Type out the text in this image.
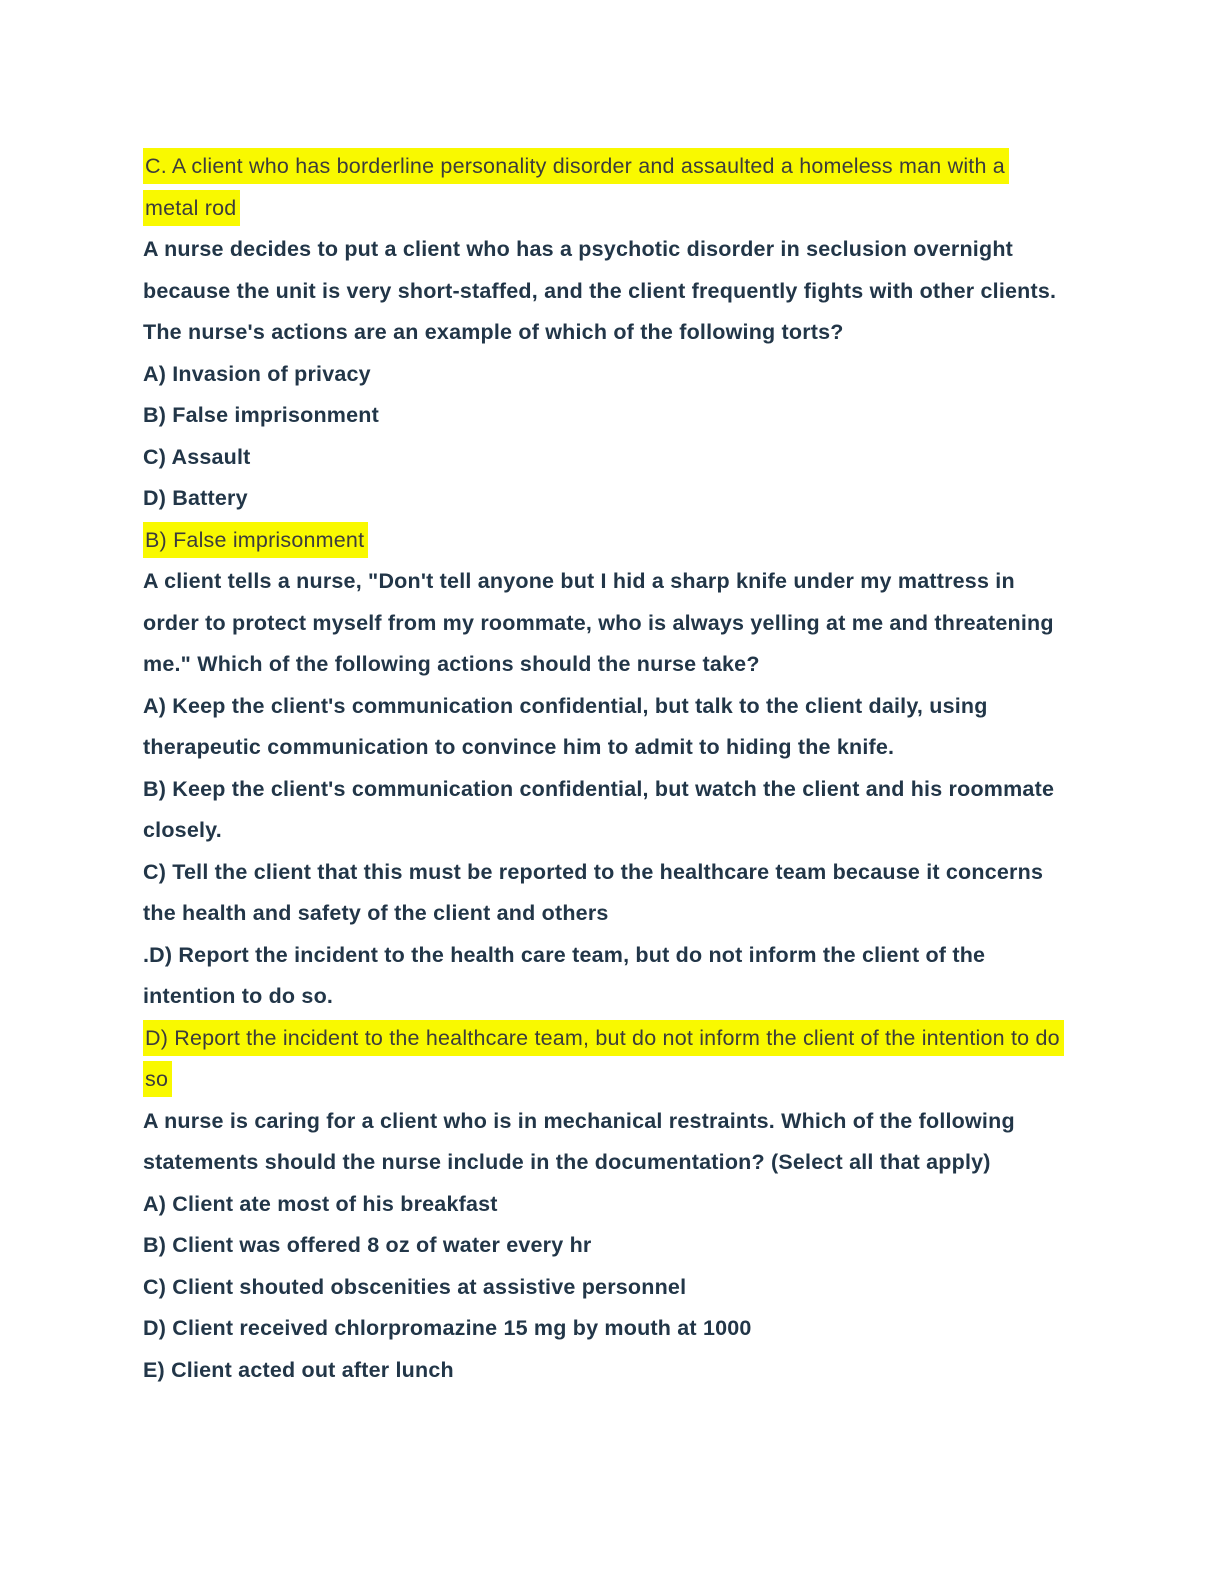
C. A client who has borderline personality disorder and assaulted a homeless man with a metal rod

A nurse decides to put a client who has a psychotic disorder in seclusion overnight because the unit is very short-staffed, and the client frequently fights with other clients. The nurse's actions are an example of which of the following torts?

A) Invasion of privacy

B) False imprisonment

C) Assault

D) Battery

B) False imprisonment

A client tells a nurse, "Don't tell anyone but I hid a sharp knife under my mattress in order to protect myself from my roommate, who is always yelling at me and threatening me." Which of the following actions should the nurse take?

A) Keep the client's communication confidential, but talk to the client daily, using therapeutic communication to convince him to admit to hiding the knife.

B) Keep the client's communication confidential, but watch the client and his roommate closely.

C) Tell the client that this must be reported to the healthcare team because it concerns the health and safety of the client and others

.D) Report the incident to the health care team, but do not inform the client of the intention to do so.

D) Report the incident to the healthcare team, but do not inform the client of the intention to do so

A nurse is caring for a client who is in mechanical restraints. Which of the following statements should the nurse include in the documentation? (Select all that apply)

A) Client ate most of his breakfast

B) Client was offered 8 oz of water every hr

C) Client shouted obscenities at assistive personnel

D) Client received chlorpromazine 15 mg by mouth at 1000

E) Client acted out after lunch
